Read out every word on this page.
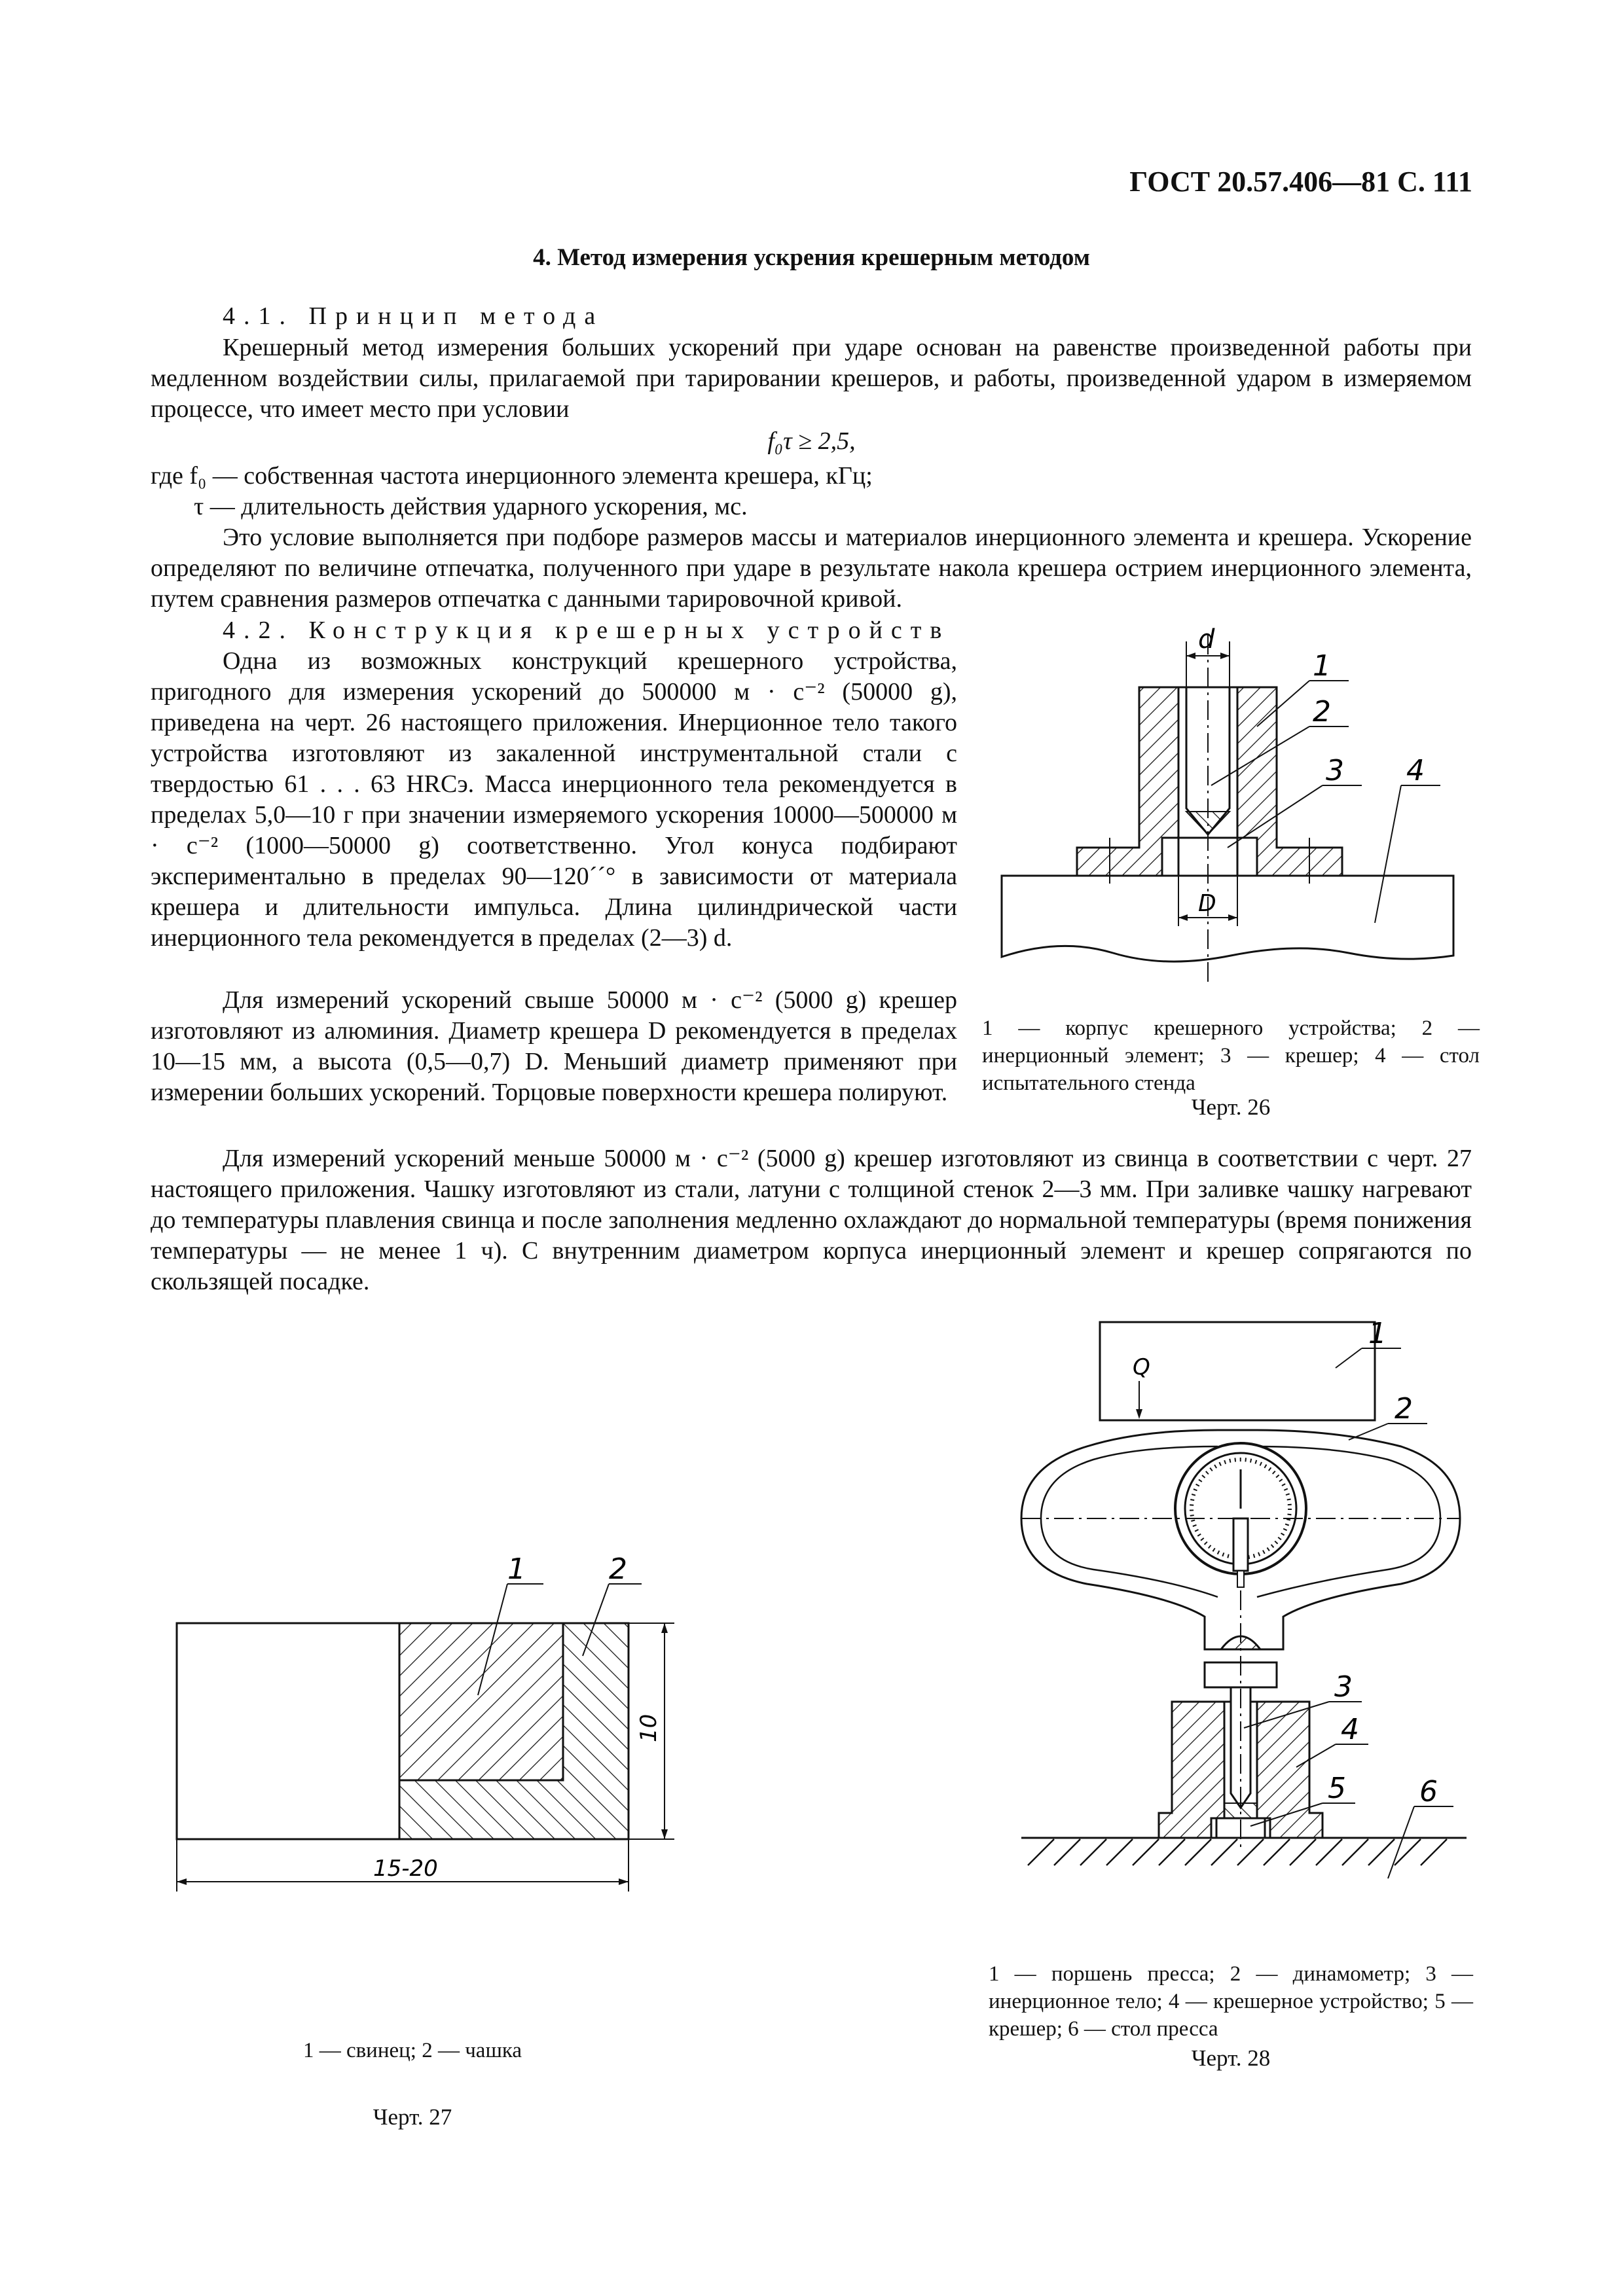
ГОСТ 20.57.406—81 С. 111
4. Метод измерения ускрения крешерным методом
4.1. Принцип метода
Крешерный метод измерения больших ускорений при ударе основан на равенстве произведенной работы при медленном воздействии силы, прилагаемой при тарировании крешеров, и работы, произведенной ударом в измеряемом процессе, что имеет место при условии
f₀τ ≥ 2,5,
где f₀ — собственная частота инерционного элемента крешера, кГц;
τ — длительность действия ударного ускорения, мс.
Это условие выполняется при подборе размеров массы и материалов инерционного элемента и крешера. Ускорение определяют по величине отпечатка, полученного при ударе в результате накола крешера острием инерционного элемента, путем сравнения размеров отпечатка с данными тарировочной кривой.
4.2. Конструкция крешерных устройств
Одна из возможных конструкций крешерного устройства, пригодного для измерения ускорений до 500000 м · с⁻² (50000 g), приведена на черт. 26 настоящего приложения. Инерционное тело такого устройства изготовляют из закаленной инструментальной стали с твердостью 61 . . . 63 HRCэ. Масса инерционного тела рекомендуется в пределах 5,0—10 г при значении измеряемого ускорения 10000—500000 м · с⁻² (1000—50000 g) соответственно. Угол конуса подбирают экспериментально в пределах 90—120´´° в зависимости от материала крешера и длительности импульса. Длина цилиндрической части инерционного тела рекомендуется в пределах (2—3) d.
Для измерений ускорений свыше 50000 м · с⁻² (5000 g) крешер изготовляют из алюминия. Диаметр крешера D рекомендуется в пределах 10—15 мм, а высота (0,5—0,7) D. Меньший диаметр применяют при измерении больших ускорений. Торцовые поверхности крешера полируют.
Для измерений ускорений меньше 50000 м · с⁻² (5000 g) крешер изготовляют из свинца в соответствии с черт. 27 настоящего приложения. Чашку изготовляют из стали, латуни с толщиной стенок 2—3 мм. При заливке чашку нагревают до температуры плавления свинца и после заполнения медленно охлаждают до нормальной температуры (время понижения температуры — не менее 1 ч). С внутренним диаметром корпуса инерционный элемент и крешер сопрягаются по скользящей посадке.
d
D
1
2
3 4
1 — корпус крешерного устройства; 2 — инерционный элемент; 3 — крешер; 4 — стол испытательного стенда
Черт. 26
10
15-20
1	2
1 — свинец; 2 — чашка
Черт. 27
Q
1
2
3
4
5	6
1 — поршень пресса; 2 — динамометр; 3 — инерционное тело; 4 — крешерное устройство; 5 — крешер; 6 — стол пресса
Черт. 28
